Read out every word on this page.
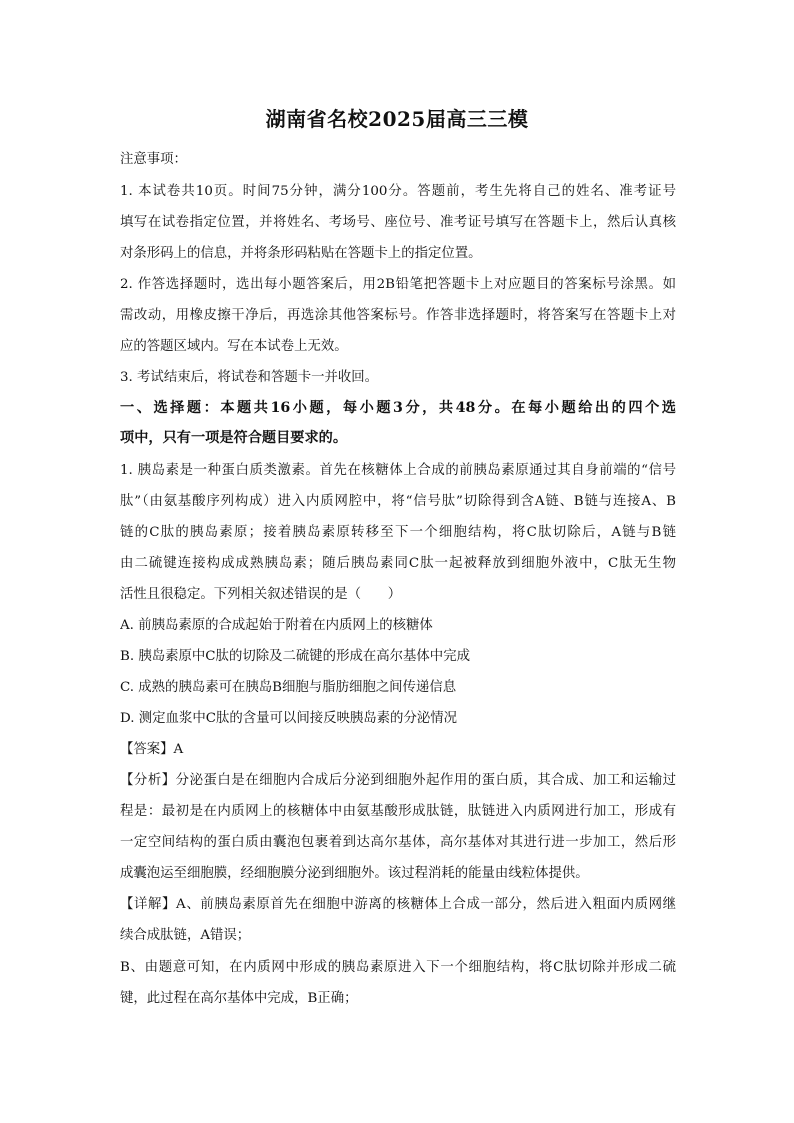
湖南省名校2025届高三三模
注意事项：
1. 本试卷共10页。时间75分钟，满分100分。答题前，考生先将自己的姓名、准考证号
填写在试卷指定位置，并将姓名、考场号、座位号、准考证号填写在答题卡上，然后认真核
对条形码上的信息，并将条形码粘贴在答题卡上的指定位置。
2. 作答选择题时，选出每小题答案后，用2B铅笔把答题卡上对应题目的答案标号涂黑。如
需改动，用橡皮擦干净后，再选涂其他答案标号。作答非选择题时，将答案写在答题卡上对
应的答题区域内。写在本试卷上无效。
3. 考试结束后，将试卷和答题卡一并收回。
一、选择题：本题共16小题，每小题3分，共48分。在每小题给出的四个选
项中，只有一项是符合题目要求的。
1. 胰岛素是一种蛋白质类激素。首先在核糖体上合成的前胰岛素原通过其自身前端的“信号
肽”（由氨基酸序列构成）进入内质网腔中，将“信号肽”切除得到含A链、B链与连接A、B
链的C肽的胰岛素原；接着胰岛素原转移至下一个细胞结构，将C肽切除后，A链与B链
由二硫键连接构成成熟胰岛素；随后胰岛素同C肽一起被释放到细胞外液中，C肽无生物
活性且很稳定。下列相关叙述错误的是（　　）
A. 前胰岛素原的合成起始于附着在内质网上的核糖体
B. 胰岛素原中C肽的切除及二硫键的形成在高尔基体中完成
C. 成熟的胰岛素可在胰岛B细胞与脂肪细胞之间传递信息
D. 测定血浆中C肽的含量可以间接反映胰岛素的分泌情况
【答案】A
【分析】分泌蛋白是在细胞内合成后分泌到细胞外起作用的蛋白质，其合成、加工和运输过
程是：最初是在内质网上的核糖体中由氨基酸形成肽链，肽链进入内质网进行加工，形成有
一定空间结构的蛋白质由囊泡包裹着到达高尔基体，高尔基体对其进行进一步加工，然后形
成囊泡运至细胞膜，经细胞膜分泌到细胞外。该过程消耗的能量由线粒体提供。
【详解】A、前胰岛素原首先在细胞中游离的核糖体上合成一部分，然后进入粗面内质网继
续合成肽链，A错误；
B、由题意可知，在内质网中形成的胰岛素原进入下一个细胞结构，将C肽切除并形成二硫
键，此过程在高尔基体中完成，B正确；
